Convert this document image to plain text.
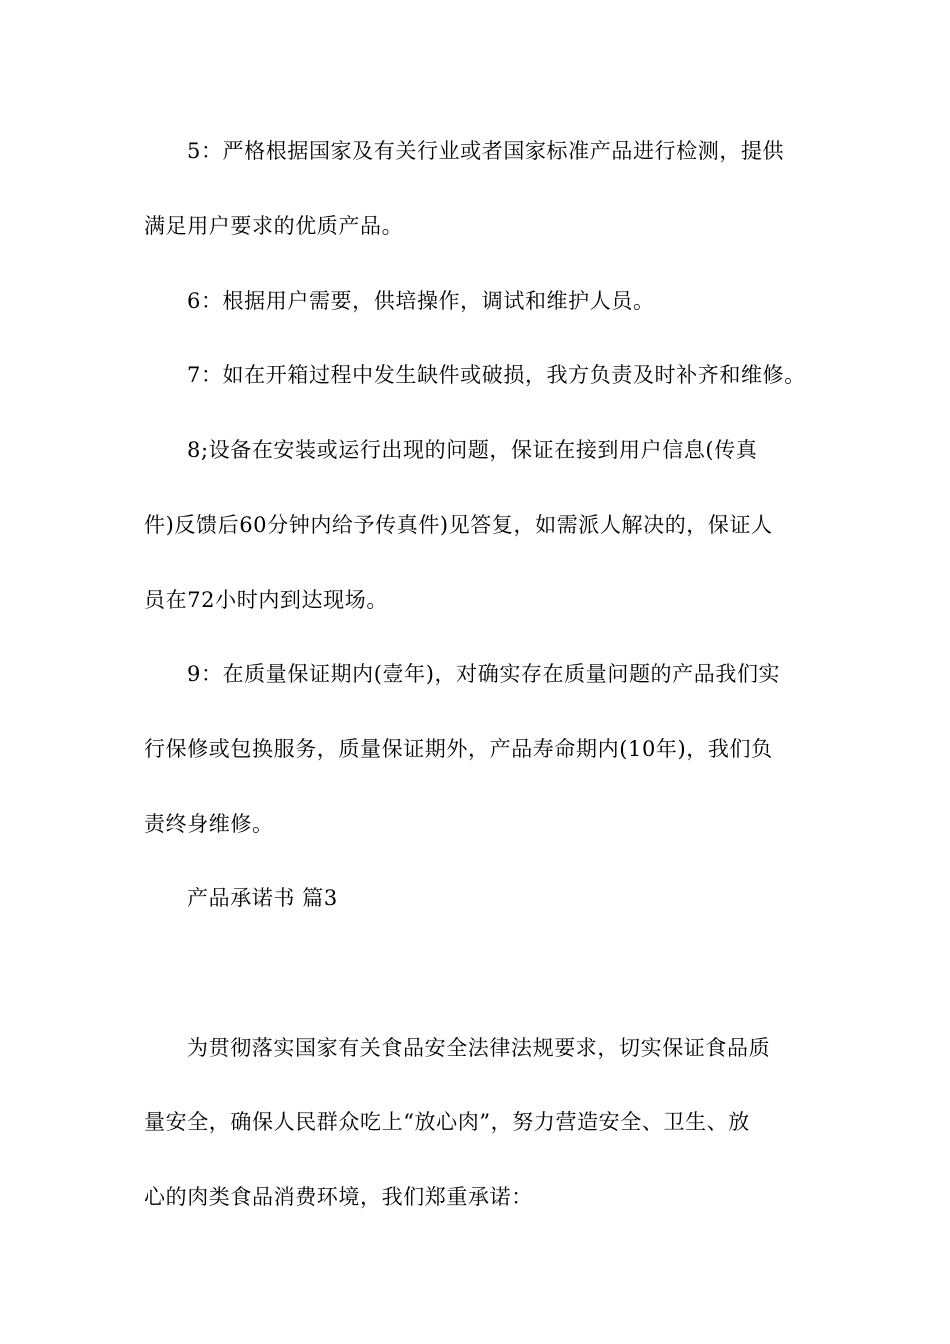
5：严格根据国家及有关行业或者国家标准产品进行检测，提供
满足用户要求的优质产品。
6：根据用户需要，供培操作，调试和维护人员。
7：如在开箱过程中发生缺件或破损，我方负责及时补齐和维修。
8;设备在安装或运行出现的问题，保证在接到用户信息(传真
件)反馈后60分钟内给予传真件)见答复，如需派人解决的，保证人
员在72小时内到达现场。
9：在质量保证期内(壹年)，对确实存在质量问题的产品我们实
行保修或包换服务，质量保证期外，产品寿命期内(10年)，我们负
责终身维修。
产品承诺书 篇3
为贯彻落实国家有关食品安全法律法规要求，切实保证食品质
量安全，确保人民群众吃上“放心肉”，努力营造安全、卫生、放
心的肉类食品消费环境，我们郑重承诺：
